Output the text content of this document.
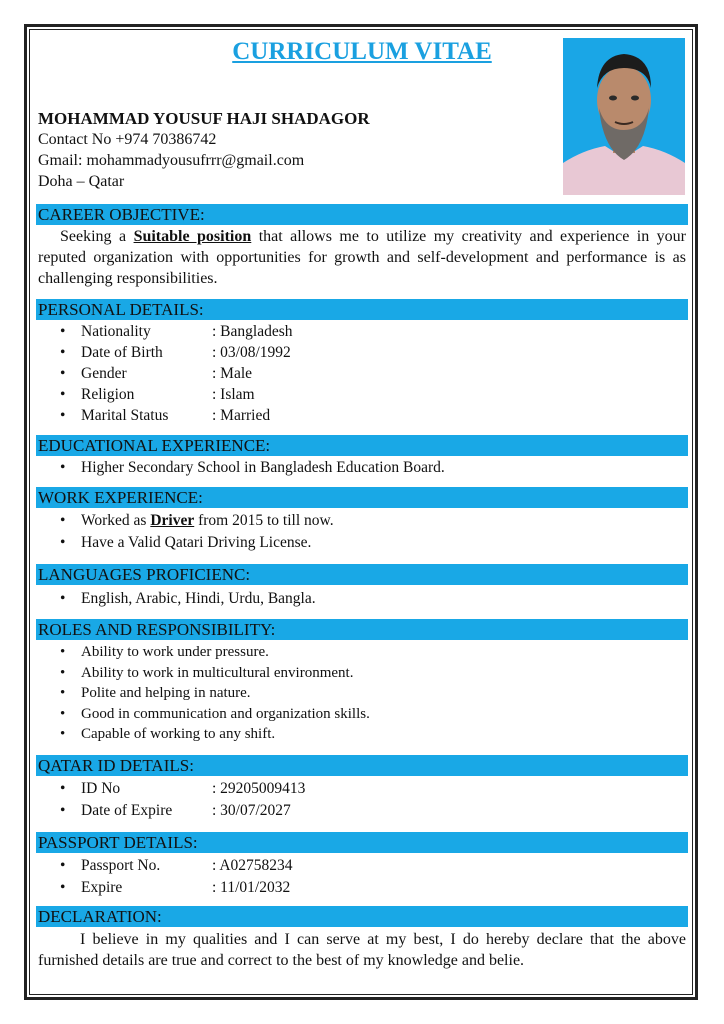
CURRICULUM VITAE
MOHAMMAD YOUSUF HAJI SHADAGOR
Contact No +974 70386742
Gmail: mohammadyousufrrr@gmail.com
Doha – Qatar
CAREER OBJECTIVE:
Seeking a Suitable position that allows me to utilize my creativity and experience in your reputed organization with opportunities for growth and self-development and performance is as challenging responsibilities.
PERSONAL DETAILS:
• Nationality	: Bangladesh
• Date of Birth	: 03/08/1992
• Gender	: Male
• Religion	: Islam
• Marital Status	: Married
EDUCATIONAL EXPERIENCE:
• Higher Secondary School in Bangladesh Education Board.
WORK EXPERIENCE:
• Worked as Driver from 2015 to till now.
• Have a Valid Qatari Driving License.
LANGUAGES PROFICIENC:
• English, Arabic, Hindi, Urdu, Bangla.
ROLES AND RESPONSIBILITY:
• Ability to work under pressure.
• Ability to work in multicultural environment.
• Polite and helping in nature.
• Good in communication and organization skills.
• Capable of working to any shift.
QATAR ID DETAILS:
• ID No	: 29205009413
• Date of Expire	: 30/07/2027
PASSPORT DETAILS:
• Passport No.	: A02758234
• Expire	: 11/01/2032
DECLARATION:
I believe in my qualities and I can serve at my best, I do hereby declare that the above furnished details are true and correct to the best of my knowledge and belie.
